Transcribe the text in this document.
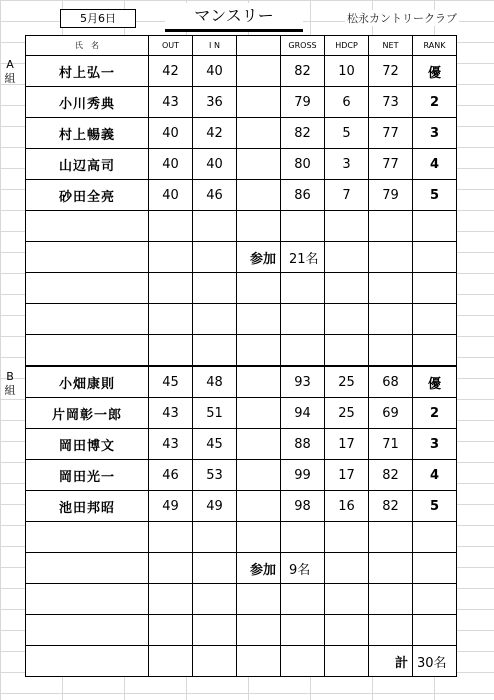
5月6日	マンスリー	松永カントリークラブ
A
組
B
組
氏　名	OUT	I N		GROSS	HDCP	NET	RANK
村上弘一	42	40		82	10	72	優
小川秀典	43	36		79	6	73	2
村上暢義	40	42		82	5	77	3
山辺高司	40	40		80	3	77	4
砂田全亮	40	46		86	7	79	5

			参加	21名			

小畑康則	45	48		93	25	68	優
片岡彰一郎	43	51		94	25	69	2
岡田博文	43	45		88	17	71	3
岡田光一	46	53		99	17	82	4
池田邦昭	49	49		98	16	82	5

			参加	9名			

						計	30名
